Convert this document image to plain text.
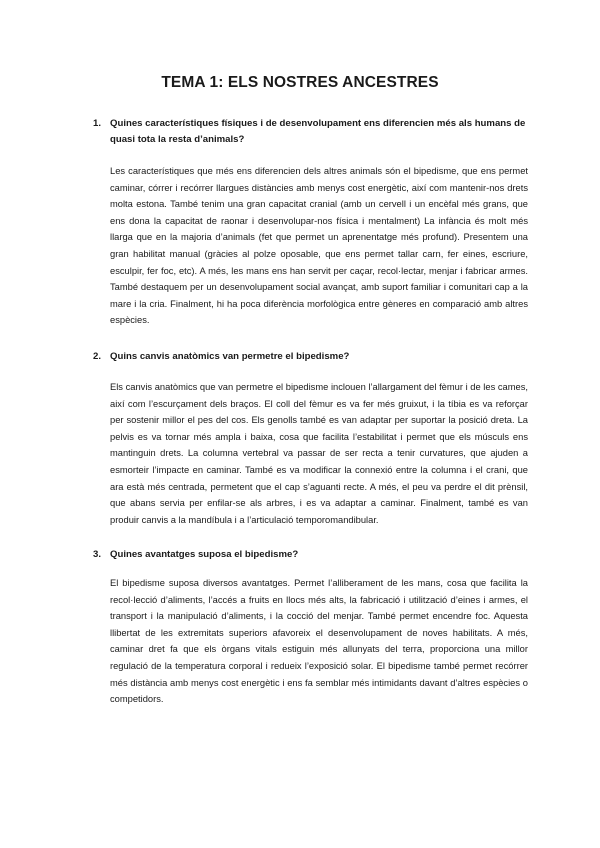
TEMA 1: ELS NOSTRES ANCESTRES
1. Quines característiques físiques i de desenvolupament ens diferencien més als humans de quasi tota la resta d’animals?

Les característiques que més ens diferencien dels altres animals són el bipedisme, que ens permet caminar, córrer i recórrer llargues distàncies amb menys cost energètic, així com mantenir-nos drets molta estona. També tenim una gran capacitat cranial (amb un cervell i un encèfal més grans, que ens dona la capacitat de raonar i desenvolupar-nos física i mentalment) La infància és molt més llarga que en la majoria d’animals (fet que permet un aprenentatge més profund). Presentem una gran habilitat manual (gràcies al polze oposable, que ens permet tallar carn, fer eines, escriure, esculpir, fer foc, etc). A més, les mans ens han servit per caçar, recol·lectar, menjar i fabricar armes. També destaquem per un desenvolupament social avançat, amb suport familiar i comunitari cap a la mare i la cria. Finalment, hi ha poca diferència morfològica entre gèneres en comparació amb altres espècies.

2. Quins canvis anatòmics van permetre el bipedisme?

Els canvis anatòmics que van permetre el bipedisme inclouen l’allargament del fèmur i de les cames, així com l’escurçament dels braços. El coll del fèmur es va fer més gruixut, i la tíbia es va reforçar per sostenir millor el pes del cos. Els genolls també es van adaptar per suportar la posició dreta. La pelvis es va tornar més ampla i baixa, cosa que facilita l’estabilitat i permet que els músculs ens mantinguin drets. La columna vertebral va passar de ser recta a tenir curvatures, que ajuden a esmorteir l’impacte en caminar. També es va modificar la connexió entre la columna i el crani, que ara està més centrada, permetent que el cap s’aguanti recte. A més, el peu va perdre el dit prènsil, que abans servia per enfilar-se als arbres, i es va adaptar a caminar. Finalment, també es van produir canvis a la mandíbula i a l’articulació temporomandibular.

3. Quines avantatges suposa el bipedisme?

El bipedisme suposa diversos avantatges. Permet l’alliberament de les mans, cosa que facilita la recol·lecció d’aliments, l’accés a fruits en llocs més alts, la fabricació i utilització d’eines i armes, el transport i la manipulació d’aliments, i la cocció del menjar. També permet encendre foc. Aquesta llibertat de les extremitats superiors afavoreix el desenvolupament de noves habilitats. A més, caminar dret fa que els òrgans vitals estiguin més allunyats del terra, proporciona una millor regulació de la temperatura corporal i redueix l’exposició solar. El bipedisme també permet recórrer més distància amb menys cost energètic i ens fa semblar més intimidants davant d’altres espècies o competidors.
